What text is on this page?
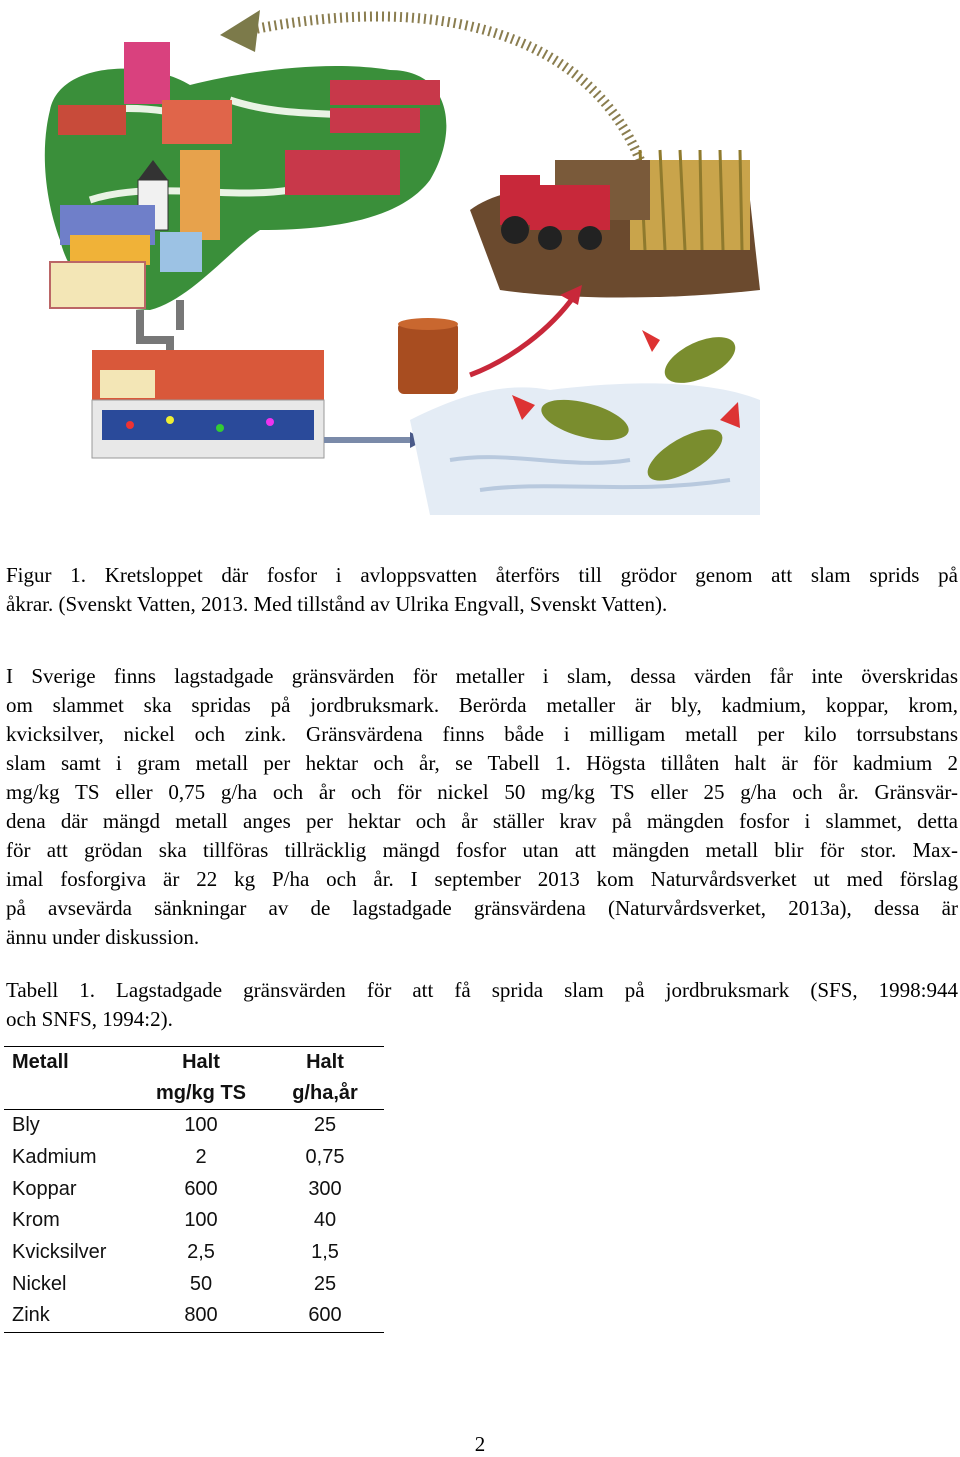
Figur 1. Kretsloppet där fosfor i avloppsvatten återförs till grödor genom att slam sprids på
åkrar. (Svenskt Vatten, 2013. Med tillstånd av Ulrika Engvall, Svenskt Vatten).
I Sverige finns lagstadgade gränsvärden för metaller i slam, dessa värden får inte överskridas
om slammet ska spridas på jordbruksmark. Berörda metaller är bly, kadmium, koppar, krom,
kvicksilver, nickel och zink. Gränsvärdena finns både i milligam metall per kilo torrsubstans
slam samt i gram metall per hektar och år, se Tabell 1. Högsta tillåten halt är för kadmium 2
mg/kg TS eller 0,75 g/ha och år och för nickel 50 mg/kg TS eller 25 g/ha och år. Gränsvär-
dena där mängd metall anges per hektar och år ställer krav på mängden fosfor i slammet, detta
för att grödan ska tillföras tillräcklig mängd fosfor utan att mängden metall blir för stor. Max-
imal fosforgiva är 22 kg P/ha och år. I september 2013 kom Naturvårdsverket ut med förslag
på avsevärda sänkningar av de lagstadgade gränsvärdena (Naturvårdsverket, 2013a), dessa är
ännu under diskussion.
Tabell 1. Lagstadgade gränsvärden för att få sprida slam på jordbruksmark (SFS, 1998:944
och SNFS, 1994:2).
Metall	Halt	Halt
	mg/kg TS	g/ha,år
Bly	100	25
Kadmium	2	0,75
Koppar	600	300
Krom	100	40
Kvicksilver	2,5	1,5
Nickel	50	25
Zink	800	600
2
